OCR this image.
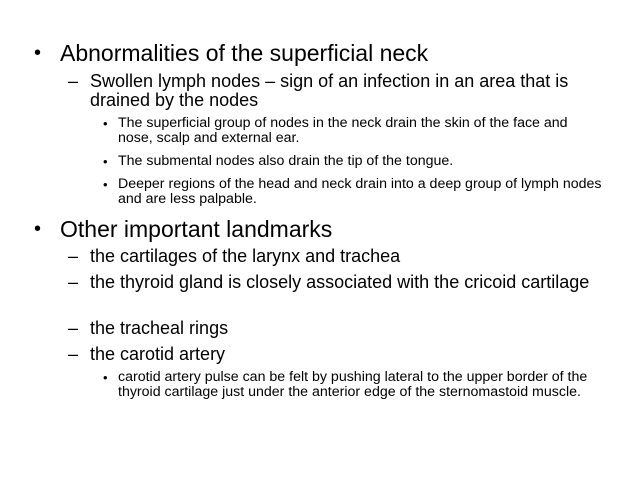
• Abnormalities of the superficial neck
– Swollen lymph nodes – sign of an infection in an area that is drained by the nodes
• The superficial group of nodes in the neck drain the skin of the face and nose, scalp and external ear.
• The submental nodes also drain the tip of the tongue.
• Deeper regions of the head and neck drain into a deep group of lymph nodes and are less palpable.
• Other important landmarks
– the cartilages of the larynx and trachea
– the thyroid gland is closely associated with the cricoid cartilage
– the tracheal rings
– the carotid artery
• carotid artery pulse can be felt by pushing lateral to the upper border of the thyroid cartilage just under the anterior edge of the sternomastoid muscle.
